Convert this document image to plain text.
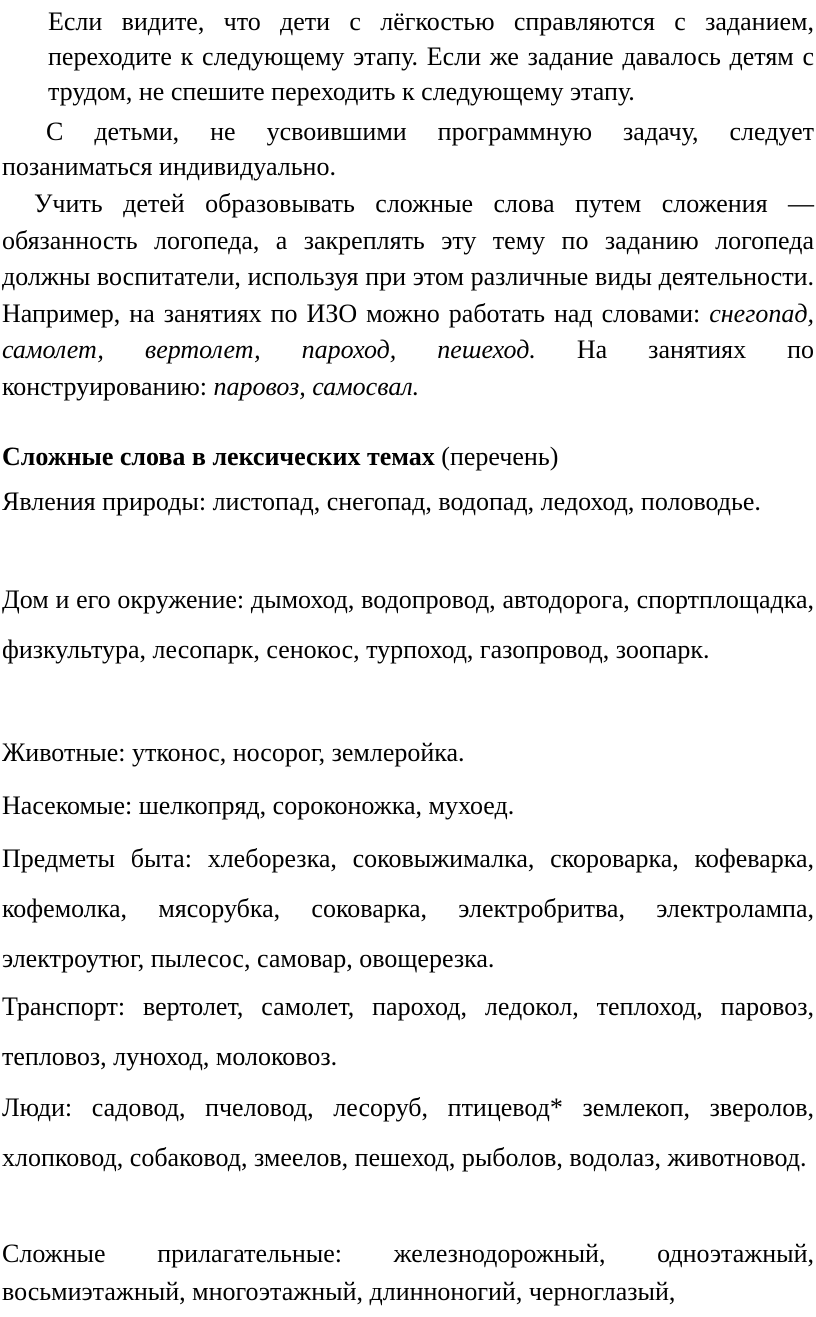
Если видите, что дети с лёгкостью справляются с заданием, переходите к следующему этапу. Если же задание давалось детям с трудом, не спешите переходить к следующему этапу.
С детьми, не усвоившими программную задачу, следует позаниматься индивидуально.
Учить детей образовывать сложные слова путем сложения — обязанность логопеда, а закреплять эту тему по заданию логопеда должны воспитатели, используя при этом различные виды деятельности. Например, на занятиях по ИЗО можно работать над словами: снегопад, самолет, вертолет, пароход, пешеход. На занятиях по конструированию: паровоз, самосвал.
Сложные слова в лексических темах (перечень)
Явления природы: листопад, снегопад, водопад, ледоход, половодье.
Дом и его окружение: дымоход, водопровод, автодорога, спортплощадка, физкультура, лесопарк, сенокос, турпоход, газопровод, зоопарк.
Животные: утконос, носорог, землеройка.
Насекомые: шелкопряд, сороконожка, мухоед.
Предметы быта: хлеборезка, соковыжималка, скороварка, кофеварка, кофемолка, мясорубка, соковарка, электробритва, электролампа, электроутюг, пылесос, самовар, овощерезка.
Транспорт: вертолет, самолет, пароход, ледокол, теплоход, паровоз, тепловоз, луноход, молоковоз.
Люди: садовод, пчеловод, лесоруб, птицевод* землекоп, зверолов, хлопковод, собаковод, змеелов, пешеход, рыболов, водолаз, животновод.
Сложные прилагательные: железнодорожный, одноэтажный, восьмиэтажный, многоэтажный, длинноногий, черноглазый,
